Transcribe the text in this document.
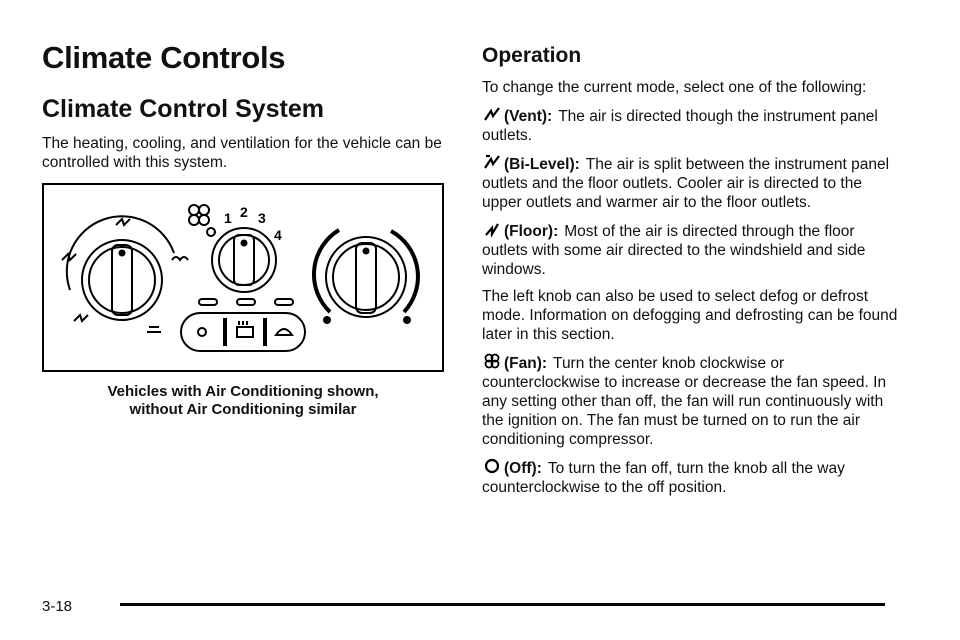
Climate Controls
Climate Control System

The heating, cooling, and ventilation for the vehicle can be controlled with this system.

1 2 3
4
Vehicles with Air Conditioning shown,
without Air Conditioning similar
Operation

To change the current mode, select one of the following:

(Vent): The air is directed though the instrument panel outlets.

(Bi-Level): The air is split between the instrument panel outlets and the floor outlets. Cooler air is directed to the upper outlets and warmer air to the floor outlets.

(Floor): Most of the air is directed through the floor outlets with some air directed to the windshield and side windows.

The left knob can also be used to select defog or defrost mode. Information on defogging and defrosting can be found later in this section.

(Fan): Turn the center knob clockwise or counterclockwise to increase or decrease the fan speed. In any setting other than off, the fan will run continuously with the ignition on. The fan must be turned on to run the air conditioning compressor.

(Off): To turn the fan off, turn the knob all the way counterclockwise to the off position.

3-18
